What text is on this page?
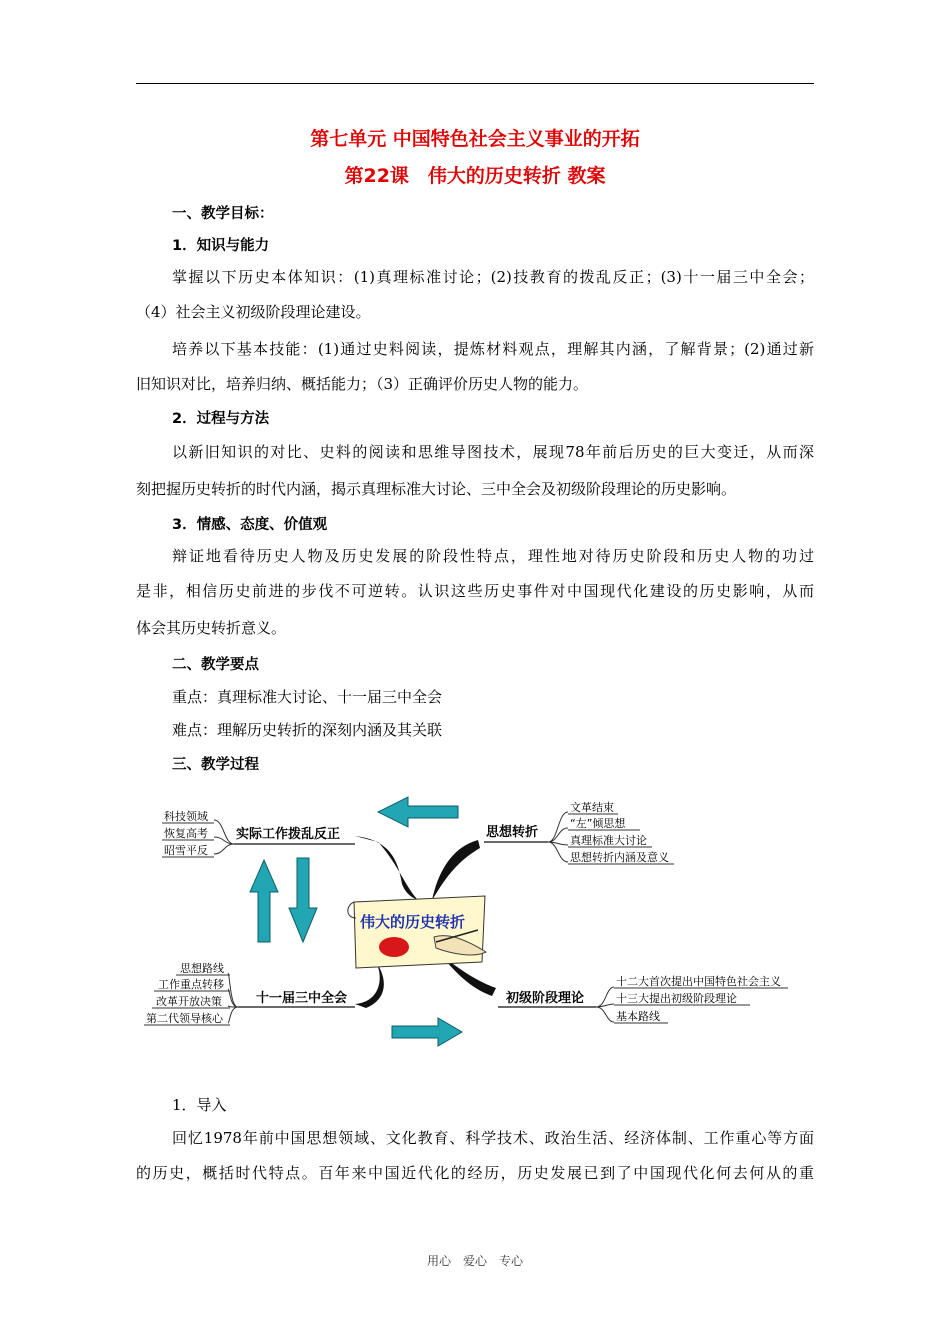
第七单元 中国特色社会主义事业的开拓
第22课　伟大的历史转折 教案
一、教学目标：
1．知识与能力
掌握以下历史本体知识：(1)真理标准讨论；(2)技教育的拨乱反正；(3)十一届三中全会；
（4）社会主义初级阶段理论建设。
培养以下基本技能：(1)通过史料阅读，提炼材料观点，理解其内涵，了解背景；(2)通过新
旧知识对比，培养归纳、概括能力；（3）正确评价历史人物的能力。
2．过程与方法
以新旧知识的对比、史料的阅读和思维导图技术，展现78年前后历史的巨大变迁，从而深
刻把握历史转折的时代内涵，揭示真理标准大讨论、三中全会及初级阶段理论的历史影响。
3．情感、态度、价值观
辩证地看待历史人物及历史发展的阶段性特点，理性地对待历史阶段和历史人物的功过
是非，相信历史前进的步伐不可逆转。认识这些历史事件对中国现代化建设的历史影响，从而
体会其历史转折意义。
二、教学要点
重点：真理标准大讨论、十一届三中全会
难点：理解历史转折的深刻内涵及其关联
三、教学过程
伟大的历史转折
实际工作拨乱反正	思想转折
十一届三中全会	初级阶段理论
科技领域
恢复高考
昭雪平反
文革结束
“左”倾思想
真理标准大讨论
思想转折内涵及意义
思想路线
工作重点转移
改革开放决策
第二代领导核心
十二大首次提出中国特色社会主义
十三大提出初级阶段理论
基本路线
1．导入
回忆1978年前中国思想领域、文化教育、科学技术、政治生活、经济体制、工作重心等方面
的历史，概括时代特点。百年来中国近代化的经历，历史发展已到了中国现代化何去何从的重
用心　爱心　专心
